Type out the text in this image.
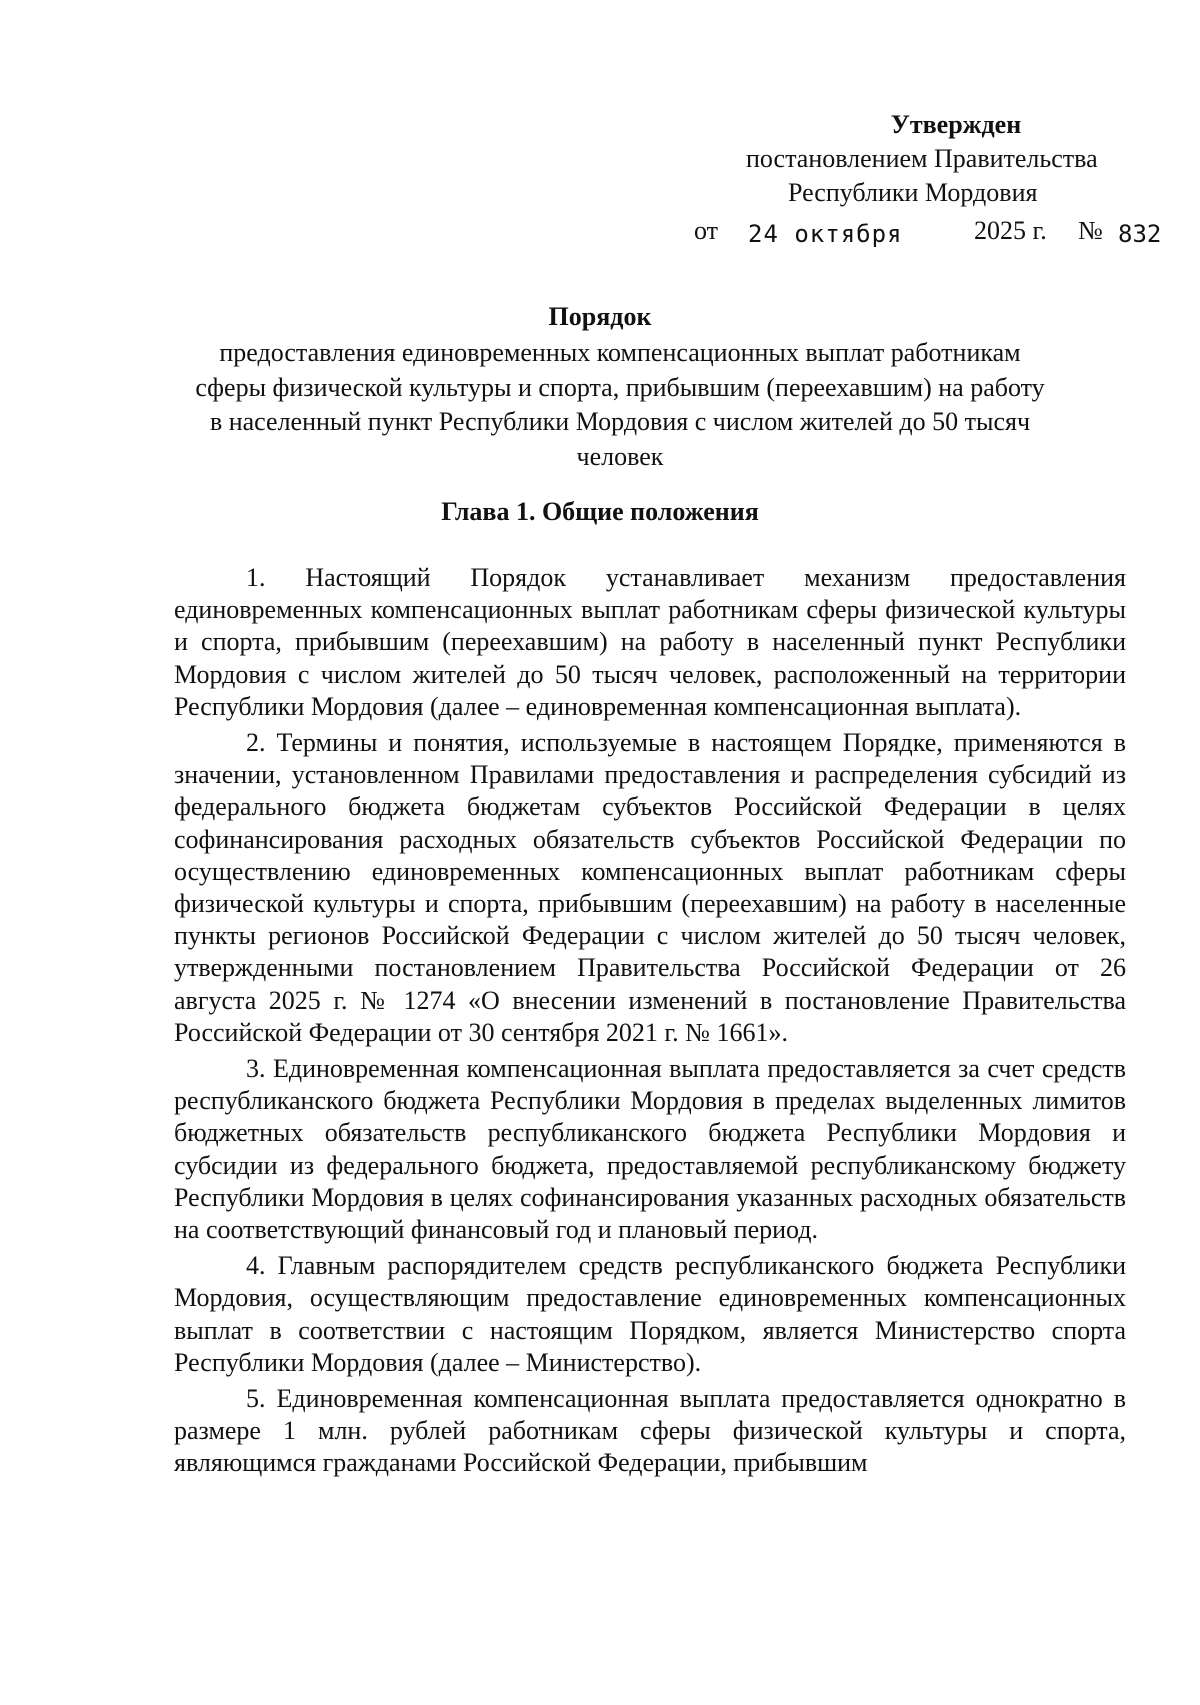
Утвержден
постановлением Правительства
Республики Мордовия
от 24 октября	2025 г. № 832
Порядок
предоставления единовременных компенсационных выплат работникам сферы физической культуры и спорта, прибывшим (переехавшим) на работу в населенный пункт Республики Мордовия с числом жителей до 50 тысяч человек
Глава 1. Общие положения

1. Настоящий Порядок устанавливает механизм предоставления единовременных компенсационных выплат работникам сферы физической культуры и спорта, прибывшим (переехавшим) на работу в населенный пункт Республики Мордовия с числом жителей до 50 тысяч человек, расположенный на территории Республики Мордовия (далее – единовременная компенсационная выплата).

2. Термины и понятия, используемые в настоящем Порядке, применяются в значении, установленном Правилами предоставления и распределения субсидий из федерального бюджета бюджетам субъектов Российской Федерации в целях софинансирования расходных обязательств субъектов Российской Федерации по осуществлению единовременных компенсационных выплат работникам сферы физической культуры и спорта, прибывшим (переехавшим) на работу в населенные пункты регионов Российской Федерации с числом жителей до 50 тысяч человек, утвержденными постановлением Правительства Российской Федерации от 26 августа 2025 г. № 1274 «О внесении изменений в постановление Правительства Российской Федерации от 30 сентября 2021 г. № 1661».

3. Единовременная компенсационная выплата предоставляется за счет средств республиканского бюджета Республики Мордовия в пределах выделенных лимитов бюджетных обязательств республиканского бюджета Республики Мордовия и субсидии из федерального бюджета, предоставляемой республиканскому бюджету Республики Мордовия в целях софинансирования указанных расходных обязательств на соответствующий финансовый год и плановый период.

4. Главным распорядителем средств республиканского бюджета Республики Мордовия, осуществляющим предоставление единовременных компенсационных выплат в соответствии с настоящим Порядком, является Министерство спорта Республики Мордовия (далее – Министерство).

5. Единовременная компенсационная выплата предоставляется однократно в размере 1 млн. рублей работникам сферы физической культуры и спорта, являющимся гражданами Российской Федерации, прибывшим
